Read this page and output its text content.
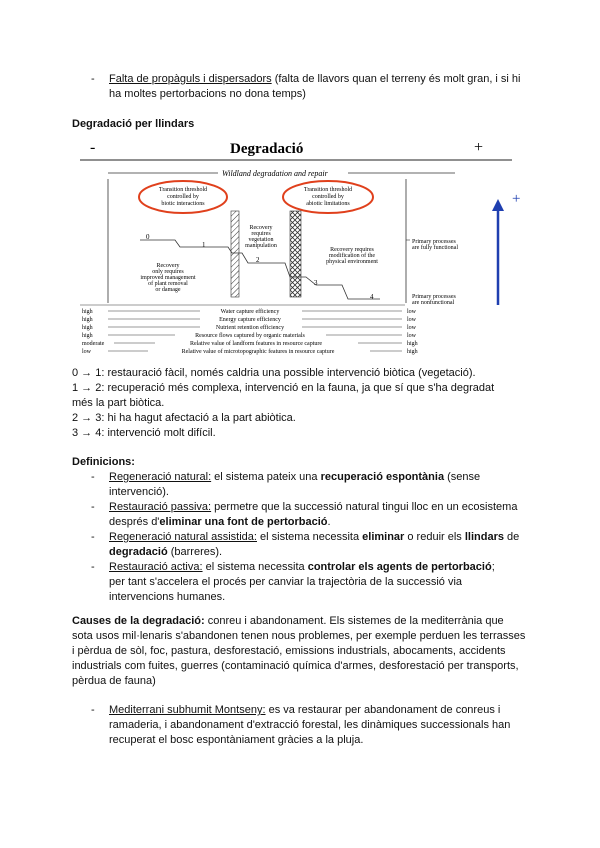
-	Falta de propàguls i dispersadors (falta de llavors quan el terreny és molt gran, i si hi
ha moltes pertorbacions no dona temps)
Degradació per llindars
-	Degradació	+
Wildland degradation and repair
Transition threshold
controlled by
biotic interactions
Transition threshold
controlled by
abiotic limitations
Recovery
requires
vegetation
manipulation
Recovery requires
modification of the
physical environment
Recovery
only requires
improved management
of plant removal
or damage
Primary processes
are fully functional
Primary processes
are nonfunctional
0
1
2
3
4
high	Water capture efficiency	low
high	Energy capture efficiency	low
high	Nutrient retention efficiency	low
high	Resource flows captured by organic materials	low
moderate	Relative value of landform features in resource capture	high
low	Relative value of microtopographic features in resource capture	high
+
0 → 1: restauració fàcil, només caldria una possible intervenció biòtica (vegetació).
1 → 2: recuperació més complexa, intervenció en la fauna, ja que sí que s'ha degradat
més la part biòtica.
2 → 3: hi ha hagut afectació a la part abiòtica.
3 → 4: intervenció molt difícil.
Definicions:
-	Regeneració natural: el sistema pateix una recuperació espontània (sense
intervenció).
-	Restauració passiva: permetre que la successió natural tingui lloc en un ecosistema
després d'eliminar una font de pertorbació.
-	Regeneració natural assistida: el sistema necessita eliminar o reduir els llindars de
degradació (barreres).
-	Restauració activa: el sistema necessita controlar els agents de pertorbació;
per tant s'accelera el procés per canviar la trajectòria de la successió via
intervencions humanes.
Causes de la degradació: conreu i abandonament. Els sistemes de la mediterrània que
sota usos mil·lenaris s'abandonen tenen nous problemes, per exemple perduen les terrasses
i pèrdua de sòl, foc, pastura, desforestació, emissions industrials, abocaments, accidents
industrials com fuites, guerres (contaminació química d'armes, desforestació per transports,
pèrdua de fauna)
-	Mediterrani subhumit Montseny: es va restaurar per abandonament de conreus i
ramaderia, i abandonament d'extracció forestal, les dinàmiques successionals han
recuperat el bosc espontàniament gràcies a la pluja.
